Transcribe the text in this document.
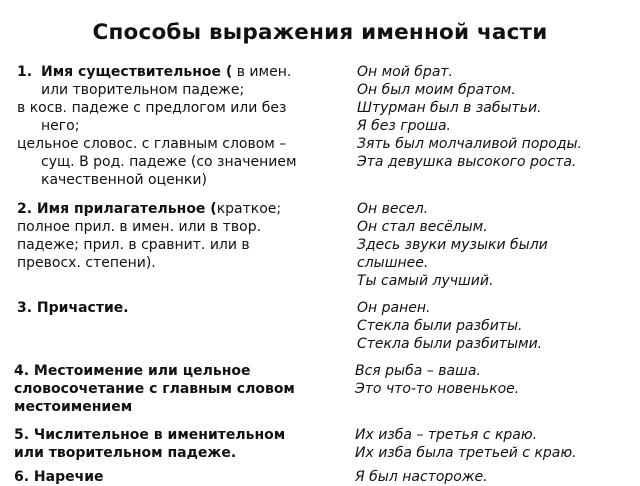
Способы выражения именной части
1. Имя существительное ( в имен.
или творительном падеже;
в косв. падеже с предлогом или без
него;
цельное словос. с главным словом –
сущ. В род. падеже (со значением
качественной оценки)
Он мой брат.
Он был моим братом.
Штурман был в забытьи.
Я без гроша.
Зять был молчаливой породы.
Эта девушка высокого роста.
2. Имя прилагательное (краткое;
полное прил. в имен. или в твор.
падеже; прил. в сравнит. или в
превосх. степени).
Он весел.
Он стал весёлым.
Здесь звуки музыки были
слышнее.
Ты самый лучший.
3. Причастие.	Он ранен.
Стекла были разбиты.
Стекла были разбитыми.
4. Местоимение или цельное
словосочетание с главным словом
местоимением
Вся рыба – ваша.
Это что-то новенькое.
5. Числительное в именительном
или творительном падеже.
Их изба – третья с краю.
Их изба была третьей с краю.
6. Наречие	Я был настороже.
